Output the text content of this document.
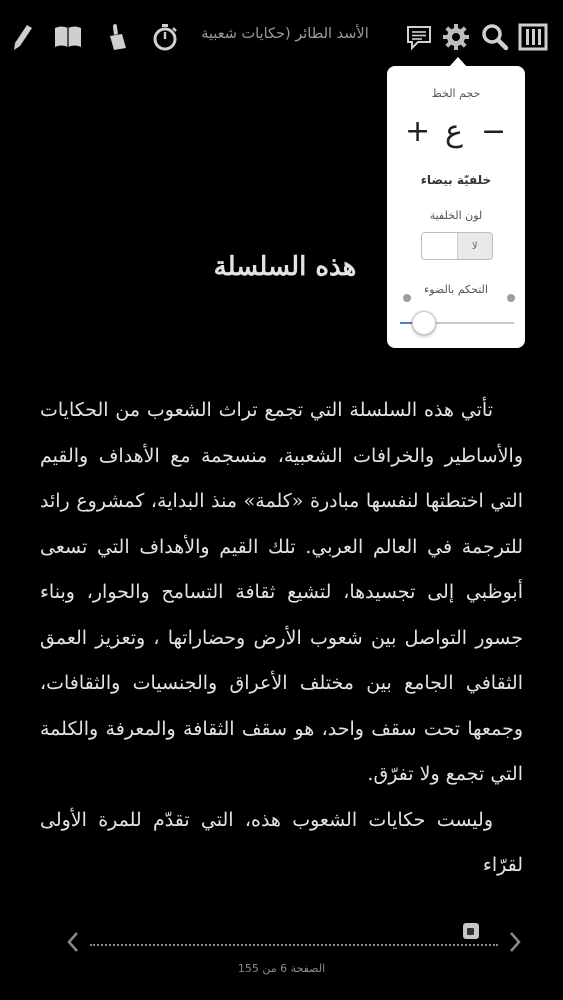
الأسد الطائر (حكايات شعبية
حجم الخط
+ ع −
خلفيّة بيضاء
لون الخلفية
لا
التحكم بالضوء
هذه السلسلة

تأتي هذه السلسلة التي تجمع تراث الشعوب من الحكايات والأساطير والخرافات الشعبية، منسجمة مع الأهداف والقيم التي اختطتها لنفسها مبادرة «كلمة» منذ البداية، كمشروع رائد للترجمة في العالم العربي. تلك القيم والأهداف التي تسعى أبوظبي إلى تجسيدها، لتشيع ثقافة التسامح والحوار، وبناء جسور التواصل بين شعوب الأرض وحضاراتها ، وتعزيز العمق الثقافي الجامع بين مختلف الأعراق والجنسيات والثقافات، وجمعها تحت سقف واحد، هو سقف الثقافة والمعرفة والكلمة التي تجمع ولا تفرّق.

وليست حكايات الشعوب هذه، التي تقدّم للمرة الأولى لقرّاء

الصفحة 6 من 155
